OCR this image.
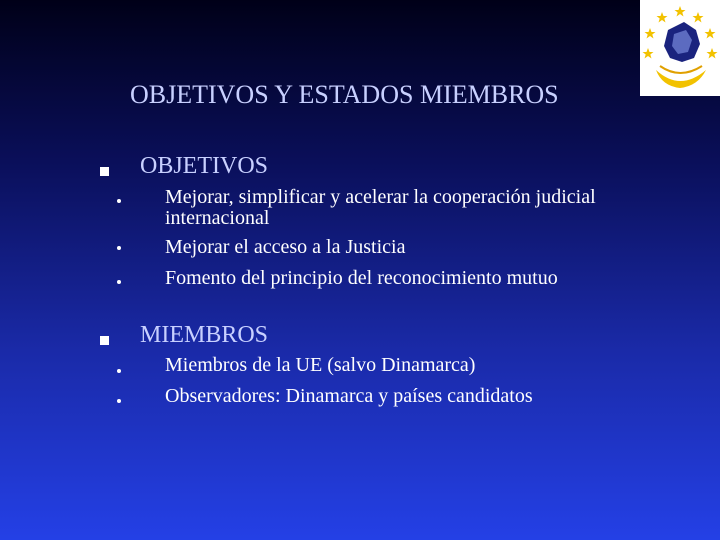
OBJETIVOS Y ESTADOS MIEMBROS
OBJETIVOS
Mejorar, simplificar y acelerar la cooperación judicial internacional
Mejorar el acceso a la Justicia
Fomento del principio del reconocimiento mutuo
MIEMBROS
Miembros de la UE (salvo Dinamarca)
Observadores: Dinamarca y países candidatos
